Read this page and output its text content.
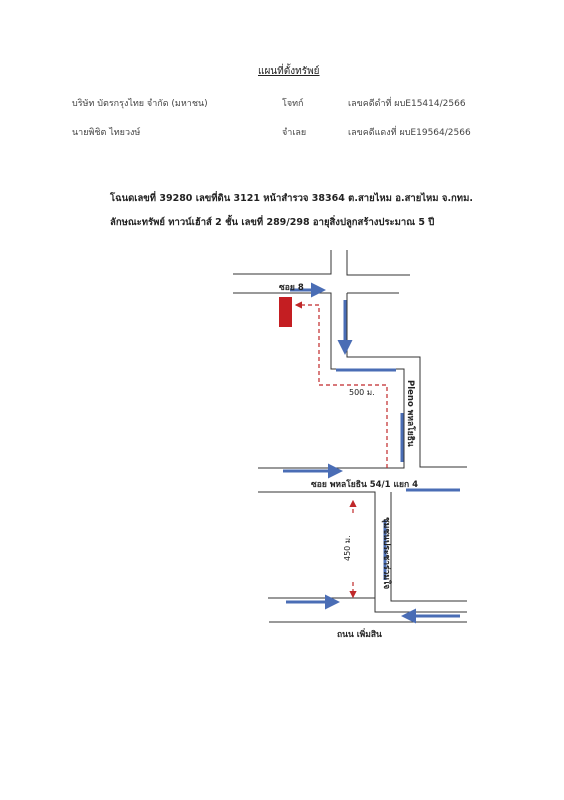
แผนที่ตั้งทรัพย์
บริษัท บัตรกรุงไทย จำกัด (มหาชน)	โจทก์	เลขคดีดำที่ ผบE15414/2566
นายพิชิต ไทยวงษ์	จำเลย	เลขคดีแดงที่ ผบE19564/2566
โฉนดเลขที่ 39280 เลขที่ดิน 3121 หน้าสำรวจ 38364 ต.สายไหม อ.สายไหม จ.กทม.
ลักษณะทรัพย์ ทาวน์เฮ้าส์ 2 ชั้น เลขที่ 289/298 อายุสิ่งปลูกสร้างประมาณ 5 ปี
ซอย 8
Pleno พหลโยธิน
500 ม.
ซอย พหลโยธิน 54/1 แยก 4
ชุมชนประชาร่วมใจ
450 ม.
ถนน เพิ่มสิน
